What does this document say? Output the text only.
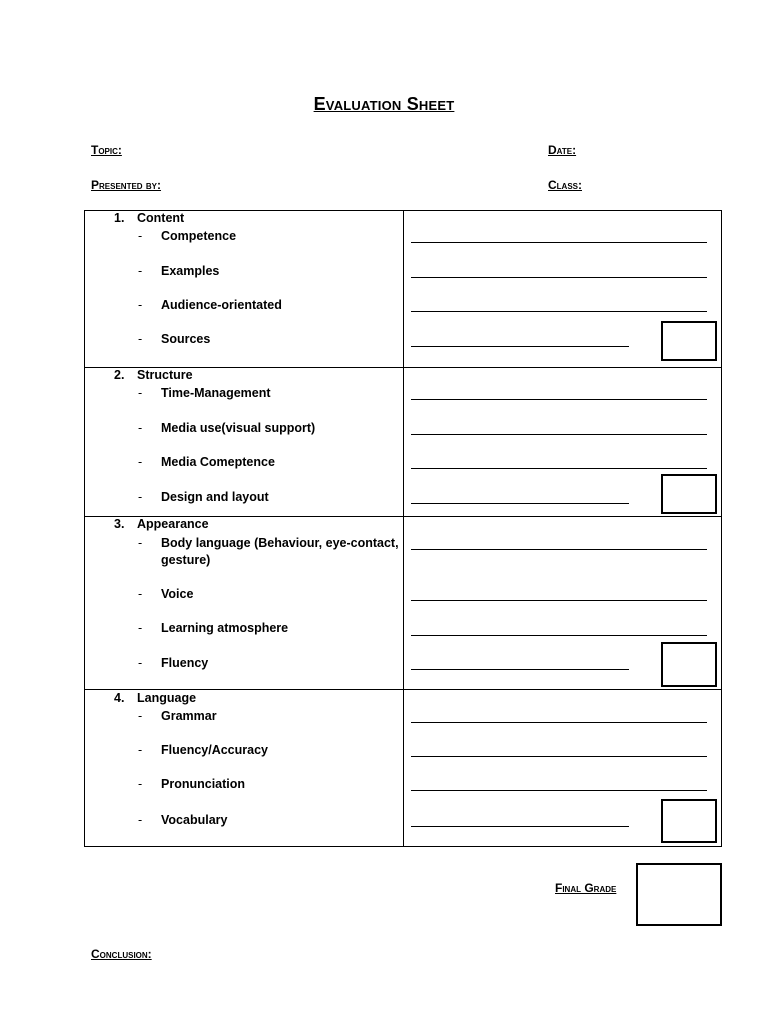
Evaluation Sheet
Topic:	Date:
Presented by:	Class:
1. Content
- Competence
- Examples
- Audience-orientated
- Sources
2. Structure
- Time-Management
- Media use(visual support)
- Media Comeptence
- Design and layout
3. Appearance
- Body language (Behaviour, eye-contact, gesture)
- Voice
- Learning atmosphere
- Fluency
4. Language
- Grammar
- Fluency/Accuracy
- Pronunciation
- Vocabulary
Final Grade
Conclusion:
